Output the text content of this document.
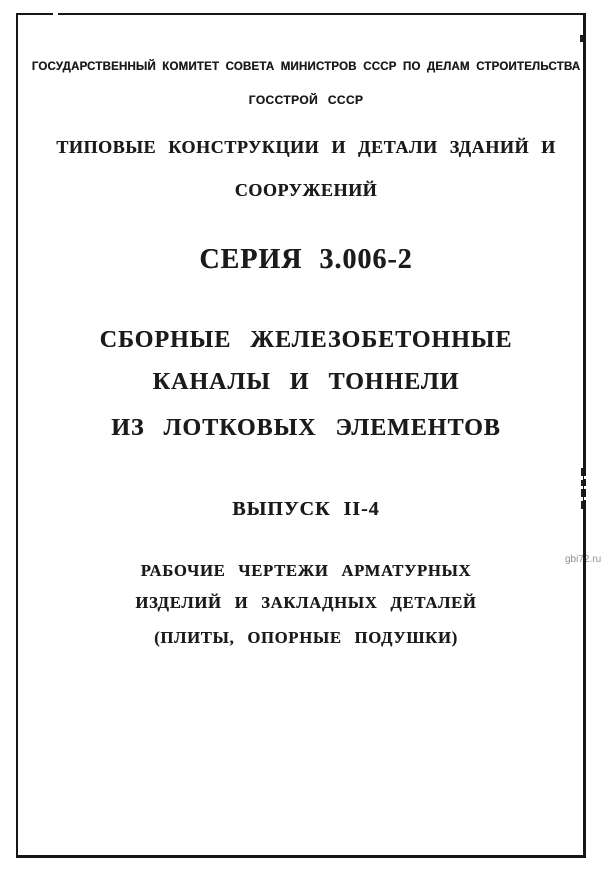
gbi72.ru
ГОСУДАРСТВЕННЫЙ КОМИТЕТ СОВЕТА МИНИСТРОВ СССР ПО ДЕЛАМ СТРОИТЕЛЬСТВА
ГОССТРОЙ СССР
ТИПОВЫЕ КОНСТРУКЦИИ И ДЕТАЛИ ЗДАНИЙ И
СООРУЖЕНИЙ
СЕРИЯ 3.006-2
СБОРНЫЕ ЖЕЛЕЗОБЕТОННЫЕ
КАНАЛЫ И ТОННЕЛИ
ИЗ ЛОТКОВЫХ ЭЛЕМЕНТОВ
ВЫПУСК II-4
РАБОЧИЕ ЧЕРТЕЖИ АРМАТУРНЫХ
ИЗДЕЛИЙ И ЗАКЛАДНЫХ ДЕТАЛЕЙ
(ПЛИТЫ, ОПОРНЫЕ ПОДУШКИ)
